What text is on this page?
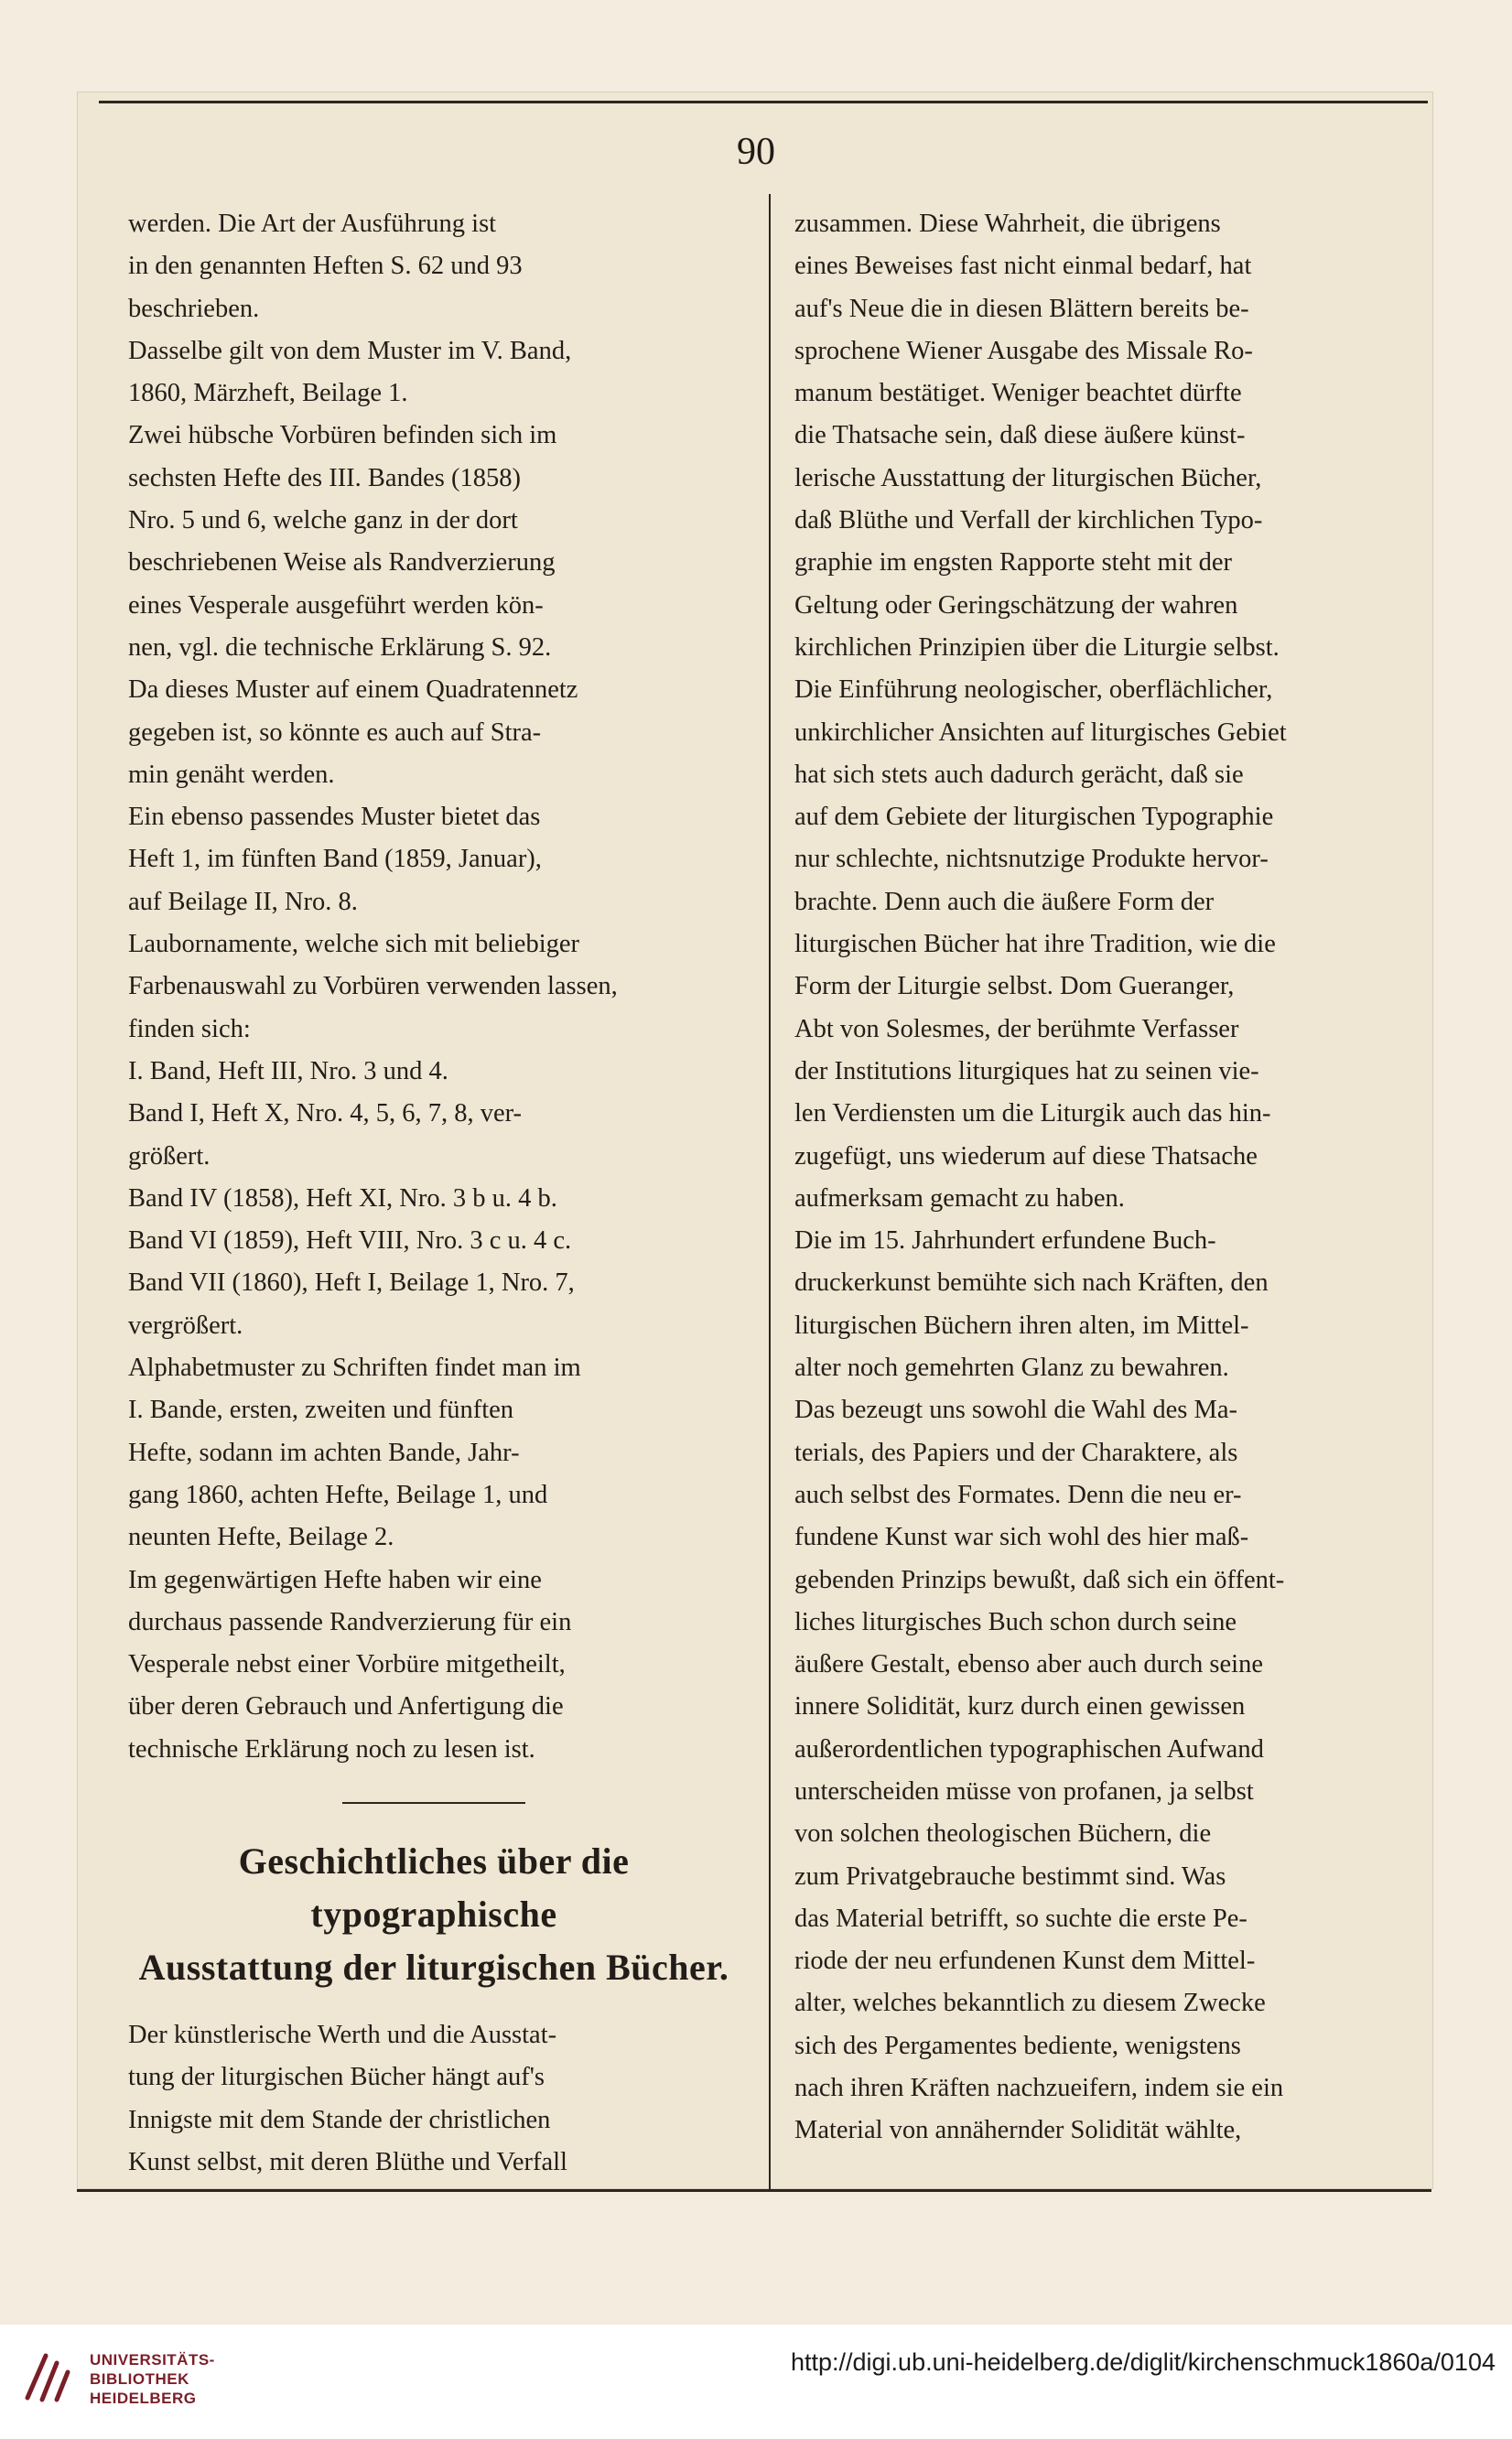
90

werden. Die Art der Ausführung ist
in den genannten Heften S. 62 und 93
beschrieben.

Dasselbe gilt von dem Muster im V. Band,
1860, Märzheft, Beilage 1.

Zwei hübsche Vorbüren befinden sich im
sechsten Hefte des III. Bandes (1858)
Nro. 5 und 6, welche ganz in der dort
beschriebenen Weise als Randverzierung
eines Vesperale ausgeführt werden kön-
nen, vgl. die technische Erklärung S. 92.

Da dieses Muster auf einem Quadratennetz
gegeben ist, so könnte es auch auf Stra-
min genäht werden.

Ein ebenso passendes Muster bietet das
Heft 1, im fünften Band (1859, Januar),
auf Beilage II, Nro. 8.

Laubornamente, welche sich mit beliebiger
Farbenauswahl zu Vorbüren verwenden lassen,
finden sich:

I. Band, Heft III, Nro. 3 und 4.

Band I, Heft X, Nro. 4, 5, 6, 7, 8, ver-
größert.

Band IV (1858), Heft XI, Nro. 3 b u. 4 b.

Band VI (1859), Heft VIII, Nro. 3 c u. 4 c.

Band VII (1860), Heft I, Beilage 1, Nro. 7,
vergrößert.

Alphabetmuster zu Schriften findet man im
I. Bande, ersten, zweiten und fünften
Hefte, sodann im achten Bande, Jahr-
gang 1860, achten Hefte, Beilage 1, und
neunten Hefte, Beilage 2.

Im gegenwärtigen Hefte haben wir eine
durchaus passende Randverzierung für ein
Vesperale nebst einer Vorbüre mitgetheilt,
über deren Gebrauch und Anfertigung die
technische Erklärung noch zu lesen ist.

Geschichtliches über die typographische
Ausstattung der liturgischen Bücher.

Der künstlerische Werth und die Ausstat-
tung der liturgischen Bücher hängt auf's
Innigste mit dem Stande der christlichen
Kunst selbst, mit deren Blüthe und Verfall

zusammen. Diese Wahrheit, die übrigens
eines Beweises fast nicht einmal bedarf, hat
auf's Neue die in diesen Blättern bereits be-
sprochene Wiener Ausgabe des Missale Ro-
manum bestätiget. Weniger beachtet dürfte
die Thatsache sein, daß diese äußere künst-
lerische Ausstattung der liturgischen Bücher,
daß Blüthe und Verfall der kirchlichen Typo-
graphie im engsten Rapporte steht mit der
Geltung oder Geringschätzung der wahren
kirchlichen Prinzipien über die Liturgie selbst.
Die Einführung neologischer, oberflächlicher,
unkirchlicher Ansichten auf liturgisches Gebiet
hat sich stets auch dadurch gerächt, daß sie
auf dem Gebiete der liturgischen Typographie
nur schlechte, nichtsnutzige Produkte hervor-
brachte. Denn auch die äußere Form der
liturgischen Bücher hat ihre Tradition, wie die
Form der Liturgie selbst. Dom Gueranger,
Abt von Solesmes, der berühmte Verfasser
der Institutions liturgiques hat zu seinen vie-
len Verdiensten um die Liturgik auch das hin-
zugefügt, uns wiederum auf diese Thatsache
aufmerksam gemacht zu haben.

Die im 15. Jahrhundert erfundene Buch-
druckerkunst bemühte sich nach Kräften, den
liturgischen Büchern ihren alten, im Mittel-
alter noch gemehrten Glanz zu bewahren.
Das bezeugt uns sowohl die Wahl des Ma-
terials, des Papiers und der Charaktere, als
auch selbst des Formates. Denn die neu er-
fundene Kunst war sich wohl des hier maß-
gebenden Prinzips bewußt, daß sich ein öffent-
liches liturgisches Buch schon durch seine
äußere Gestalt, ebenso aber auch durch seine
innere Solidität, kurz durch einen gewissen
außerordentlichen typographischen Aufwand
unterscheiden müsse von profanen, ja selbst
von solchen theologischen Büchern, die
zum Privatgebrauche bestimmt sind. Was
das Material betrifft, so suchte die erste Pe-
riode der neu erfundenen Kunst dem Mittel-
alter, welches bekanntlich zu diesem Zwecke
sich des Pergamentes bediente, wenigstens
nach ihren Kräften nachzueifern, indem sie ein
Material von annähernder Solidität wählte,

UNIVERSITÄTS-
BIBLIOTHEK
HEIDELBERG
http://digi.ub.uni-heidelberg.de/diglit/kirchenschmuck1860a/0104
